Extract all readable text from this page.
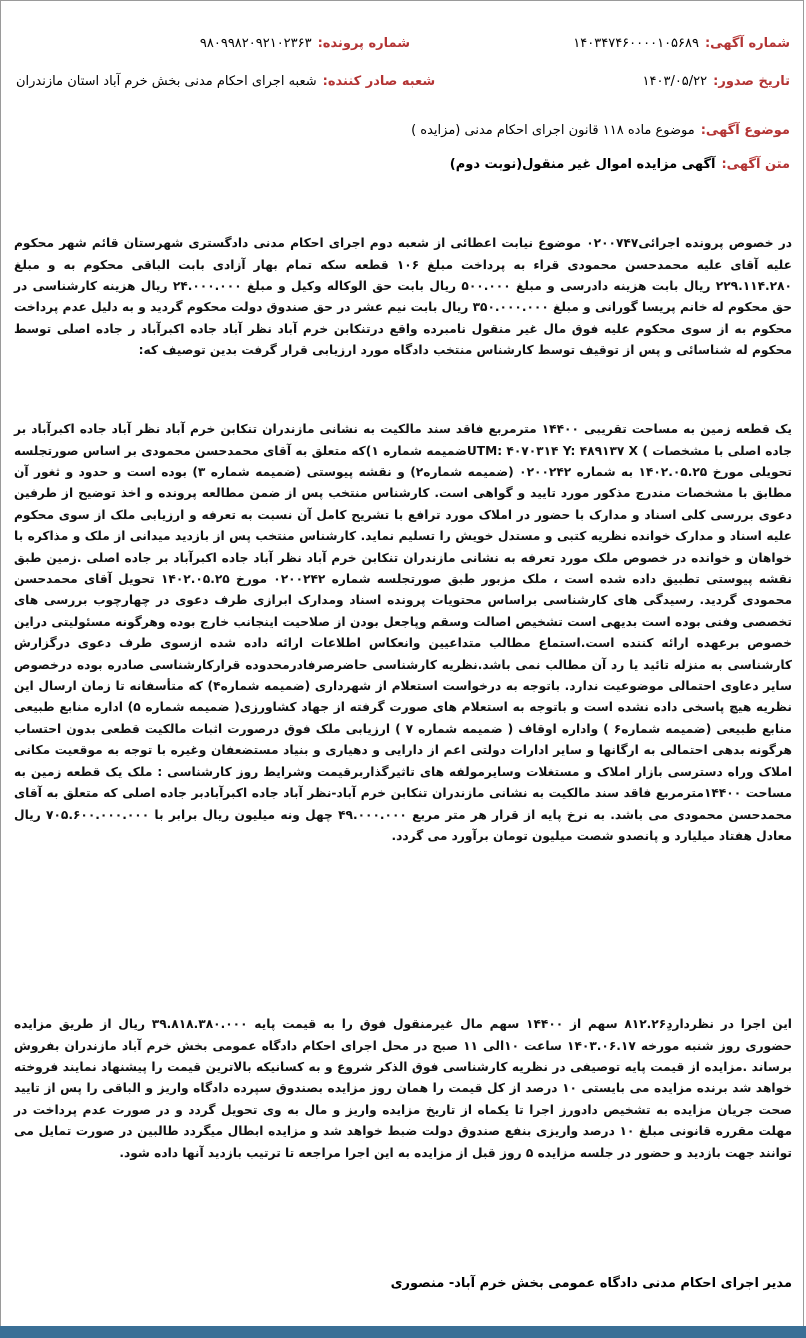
شماره آگهی:
۱۴۰۳۴۷۴۶۰۰۰۰۱۰۵۶۸۹
شماره پرونده:
۹۸۰۹۹۸۲۰۹۲۱۰۲۳۶۳
تاریخ صدور:
۱۴۰۳/۰۵/۲۲
شعبه صادر کننده:
شعبه اجرای احکام مدنی بخش خرم آباد استان مازندران
موضوع آگهی:
موضوع ماده ۱۱۸ قانون اجرای احکام مدنی (مزایده )
متن آگهی:
آگهی مزایده اموال غیر منقول(نوبت دوم)

در خصوص پرونده اجرائی۰۲۰۰۷۴۷ موضوع نیابت اعطائی از شعبه دوم اجرای احکام مدنی دادگستری شهرستان قائم شهر محکوم علیه آقای علیه محمدحسن محمودی قراء به پرداخت مبلغ ۱۰۶ قطعه سکه تمام بهار آزادی بابت الباقی محکوم به و مبلغ ۲۲۹.۱۱۴.۲۸۰ ریال بابت هزینه دادرسی و مبلغ ۵۰۰.۰۰۰ ریال بابت حق الوکاله وکیل و مبلغ ۲۴.۰۰۰.۰۰۰ ریال هزینه کارشناسی در حق محکوم له خانم پریسا گورانی و مبلغ ۳۵۰.۰۰۰.۰۰۰ ریال بابت نیم عشر در حق صندوق دولت محکوم گردید و به دلیل عدم پرداخت محکوم به از سوی محکوم علیه فوق مال غیر منقول نامبرده واقع درتنکابن خرم آباد نظر آباد جاده اکبرآباد ر جاده اصلی توسط محکوم له شناسائی و پس از توقیف توسط کارشناس منتخب دادگاه مورد ارزیابی قرار گرفت بدین توصیف که:

یک قطعه زمین به مساحت تقریبی ۱۴۴۰۰ مترمربع فاقد سند مالکیت به نشانی مازندران تنکابن خرم آباد نظر آباد جاده اکبرآباد بر جاده اصلی با مشخصات ) UTM: ۴۰۷۰۳۱۴ Y: ۴۸۹۱۳۷ Xضمیمه شماره ۱)که متعلق به آقای محمدحسن محمودی بر اساس صورتجلسه تحویلی مورخ ۱۴۰۲.۰۵.۲۵ به شماره ۰۲۰۰۲۴۲ (ضمیمه شماره۲) و نقشه پیوستی (ضمیمه شماره ۳) بوده است و حدود و ثغور آن مطابق با مشخصات مندرج مذکور مورد تایید و گواهی است. کارشناس منتخب پس از ضمن مطالعه پرونده و اخذ توضیح از طرفین دعوی بررسی کلی اسناد و مدارک با حضور در املاک مورد ترافع با تشریح کامل آن نسبت به تعرفه و ارزیابی ملک از سوی محکوم علیه اسناد و مدارک خوانده نظریه کتبی و مستدل خویش را تسلیم نماید. کارشناس منتخب پس از بازدید میدانی از ملک و مذاکره با خواهان و خوانده در خصوص ملک مورد تعرفه به نشانی مازندران تنکابن خرم آباد نظر آباد جاده اکبرآباد بر جاده اصلی .زمین طبق نقشه پیوستی تطبیق داده شده است ، ملک مزبور طبق صورتجلسه شماره ۰۲۰۰۲۴۲ مورخ ۱۴۰۲.۰۵.۲۵ تحویل آقای محمدحسن محمودی گردید. رسیدگی های کارشناسی براساس محتویات پرونده اسناد ومدارک ابرازی طرف دعوی در چهارچوب بررسی های تخصصی وفنی بوده است بدیهی است تشخیص اصالت وسقم وپاجعل بودن از صلاحیت اینجانب خارج بوده وهرگونه مسئولیتی دراین خصوص برعهده ارائه کننده است.استماع مطالب متداعیین وانعکاس اطلاعات ارائه داده شده ازسوی طرف دعوی درگزارش کارشناسی به منزله تائید یا رد آن مطالب نمی باشد.نظریه کارشناسی حاضرصرفادرمحدوده قرارکارشناسی صادره بوده درخصوص سایر دعاوی احتمالی موضوعیت ندارد. باتوجه به درخواست استعلام از شهرداری (ضمیمه شماره۴) که متأسفانه تا زمان ارسال این نظریه هیچ پاسخی داده نشده است و باتوجه به استعلام های صورت گرفته از جهاد کشاورزی( ضمیمه شماره ۵) اداره منابع طبیعی منابع طبیعی (ضمیمه شماره۶ ) واداره اوقاف ( ضمیمه شماره ۷ ) ارزیابی ملک فوق درصورت اثبات مالکیت قطعی بدون احتساب هرگونه بدهی احتمالی به ارگانها و سایر ادارات دولتی اعم از دارایی و دهیاری و بنیاد مستضعفان وغیره با توجه به موقعیت مکانی املاک وراه دسترسی بازار املاک و مستغلات وسایرمولفه های تاثیرگذاربرقیمت وشرایط روز کارشناسی : ملک یک قطعه زمین به مساحت ۱۴۴۰۰مترمربع فاقد سند مالکیت به نشانی مازندران تنکابن خرم آباد-نظر آباد جاده اکبرآبادبر جاده اصلی که متعلق به آقای محمدحسن محمودی می باشد. به نرخ پایه از قرار هر متر مربع ۴۹.۰۰۰.۰۰۰ چهل ونه میلیون ریال برابر با ۷۰۵.۶۰۰.۰۰۰.۰۰۰ ریال معادل هفتاد میلیارد و پانصدو شصت میلیون تومان برآورد می گردد.

این اجرا در نظرداردِ۸۱۲.۲۶ سهم از ۱۴۴۰۰ سهم مال غیرمنقول فوق را به قیمت پایه ۳۹.۸۱۸.۳۸۰.۰۰۰ ریال از طریق مزایده حضوری روز شنبه مورخه ۱۴۰۳.۰۶.۱۷ ساعت ۱۰الی ۱۱ صبح در محل اجرای احکام دادگاه عمومی بخش خرم آباد مازندران بفروش برساند .مزایده از قیمت پایه توصیفی در نظریه کارشناسی فوق الذکر شروع و به کسانیکه بالاترین قیمت را پیشنهاد نمایند فروخته خواهد شد برنده مزایده می بایستی ۱۰ درصد از کل قیمت را همان روز مزایده بصندوق سپرده دادگاه واریز و الباقی را پس از تایید صحت جریان مزایده به تشخیص دادورز اجرا تا یکماه از تاریخ مزایده واریز و مال به وی تحویل گردد و در صورت عدم پرداخت در مهلت مقرره قانونی مبلغ ۱۰ درصد واریزی بنفع صندوق دولت ضبط خواهد شد و مزایده ابطال میگردد طالبین در صورت تمایل می توانند جهت بازدید و حضور در جلسه مزایده ۵ روز قبل از مزایده به این اجرا مراجعه تا ترتیب بازدید آنها داده شود.

مدیر اجرای احکام مدنی دادگاه عمومی بخش خرم آباد- منصوری
